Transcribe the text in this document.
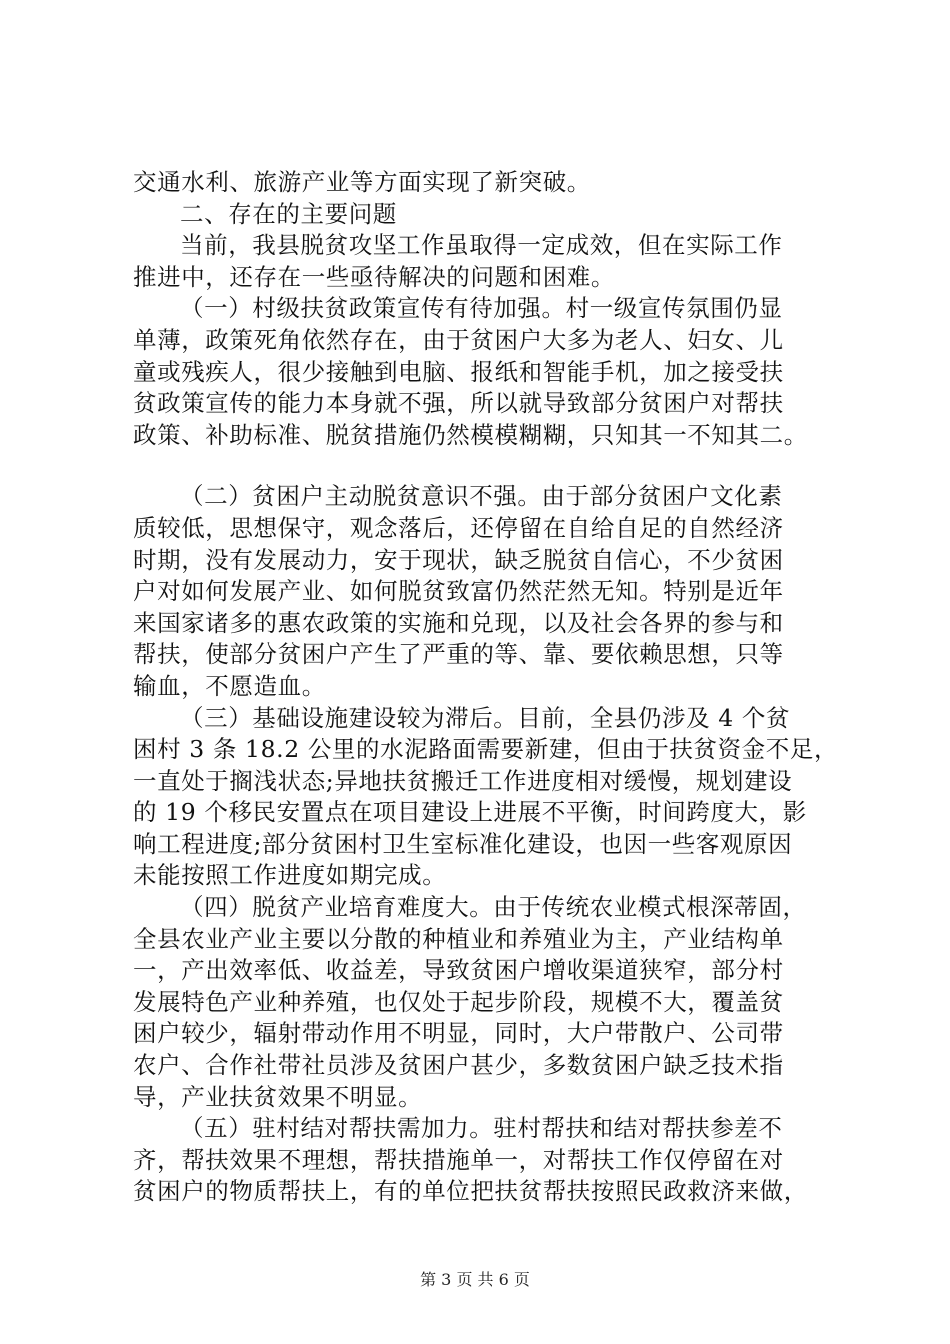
交通水利、旅游产业等方面实现了新突破。
二、存在的主要问题
当前，我县脱贫攻坚工作虽取得一定成效，但在实际工作
推进中，还存在一些亟待解决的问题和困难。
（一）村级扶贫政策宣传有待加强。村一级宣传氛围仍显
单薄，政策死角依然存在，由于贫困户大多为老人、妇女、儿
童或残疾人，很少接触到电脑、报纸和智能手机，加之接受扶
贫政策宣传的能力本身就不强，所以就导致部分贫困户对帮扶
政策、补助标准、脱贫措施仍然模模糊糊，只知其一不知其二。
（二）贫困户主动脱贫意识不强。由于部分贫困户文化素
质较低，思想保守，观念落后，还停留在自给自足的自然经济
时期，没有发展动力，安于现状，缺乏脱贫自信心，不少贫困
户对如何发展产业、如何脱贫致富仍然茫然无知。特别是近年
来国家诸多的惠农政策的实施和兑现，以及社会各界的参与和
帮扶，使部分贫困户产生了严重的等、靠、要依赖思想，只等
输血，不愿造血。
（三）基础设施建设较为滞后。目前，全县仍涉及 4 个贫
困村 3 条 18.2 公里的水泥路面需要新建，但由于扶贫资金不足，
一直处于搁浅状态;异地扶贫搬迁工作进度相对缓慢，规划建设
的 19 个移民安置点在项目建设上进展不平衡，时间跨度大，影
响工程进度;部分贫困村卫生室标准化建设，也因一些客观原因
未能按照工作进度如期完成。
（四）脱贫产业培育难度大。由于传统农业模式根深蒂固，
全县农业产业主要以分散的种植业和养殖业为主，产业结构单
一，产出效率低、收益差，导致贫困户增收渠道狭窄，部分村
发展特色产业种养殖，也仅处于起步阶段，规模不大，覆盖贫
困户较少，辐射带动作用不明显，同时，大户带散户、公司带
农户、合作社带社员涉及贫困户甚少，多数贫困户缺乏技术指
导，产业扶贫效果不明显。
（五）驻村结对帮扶需加力。驻村帮扶和结对帮扶参差不
齐，帮扶效果不理想，帮扶措施单一，对帮扶工作仅停留在对
贫困户的物质帮扶上，有的单位把扶贫帮扶按照民政救济来做，
第 3 页 共 6 页
